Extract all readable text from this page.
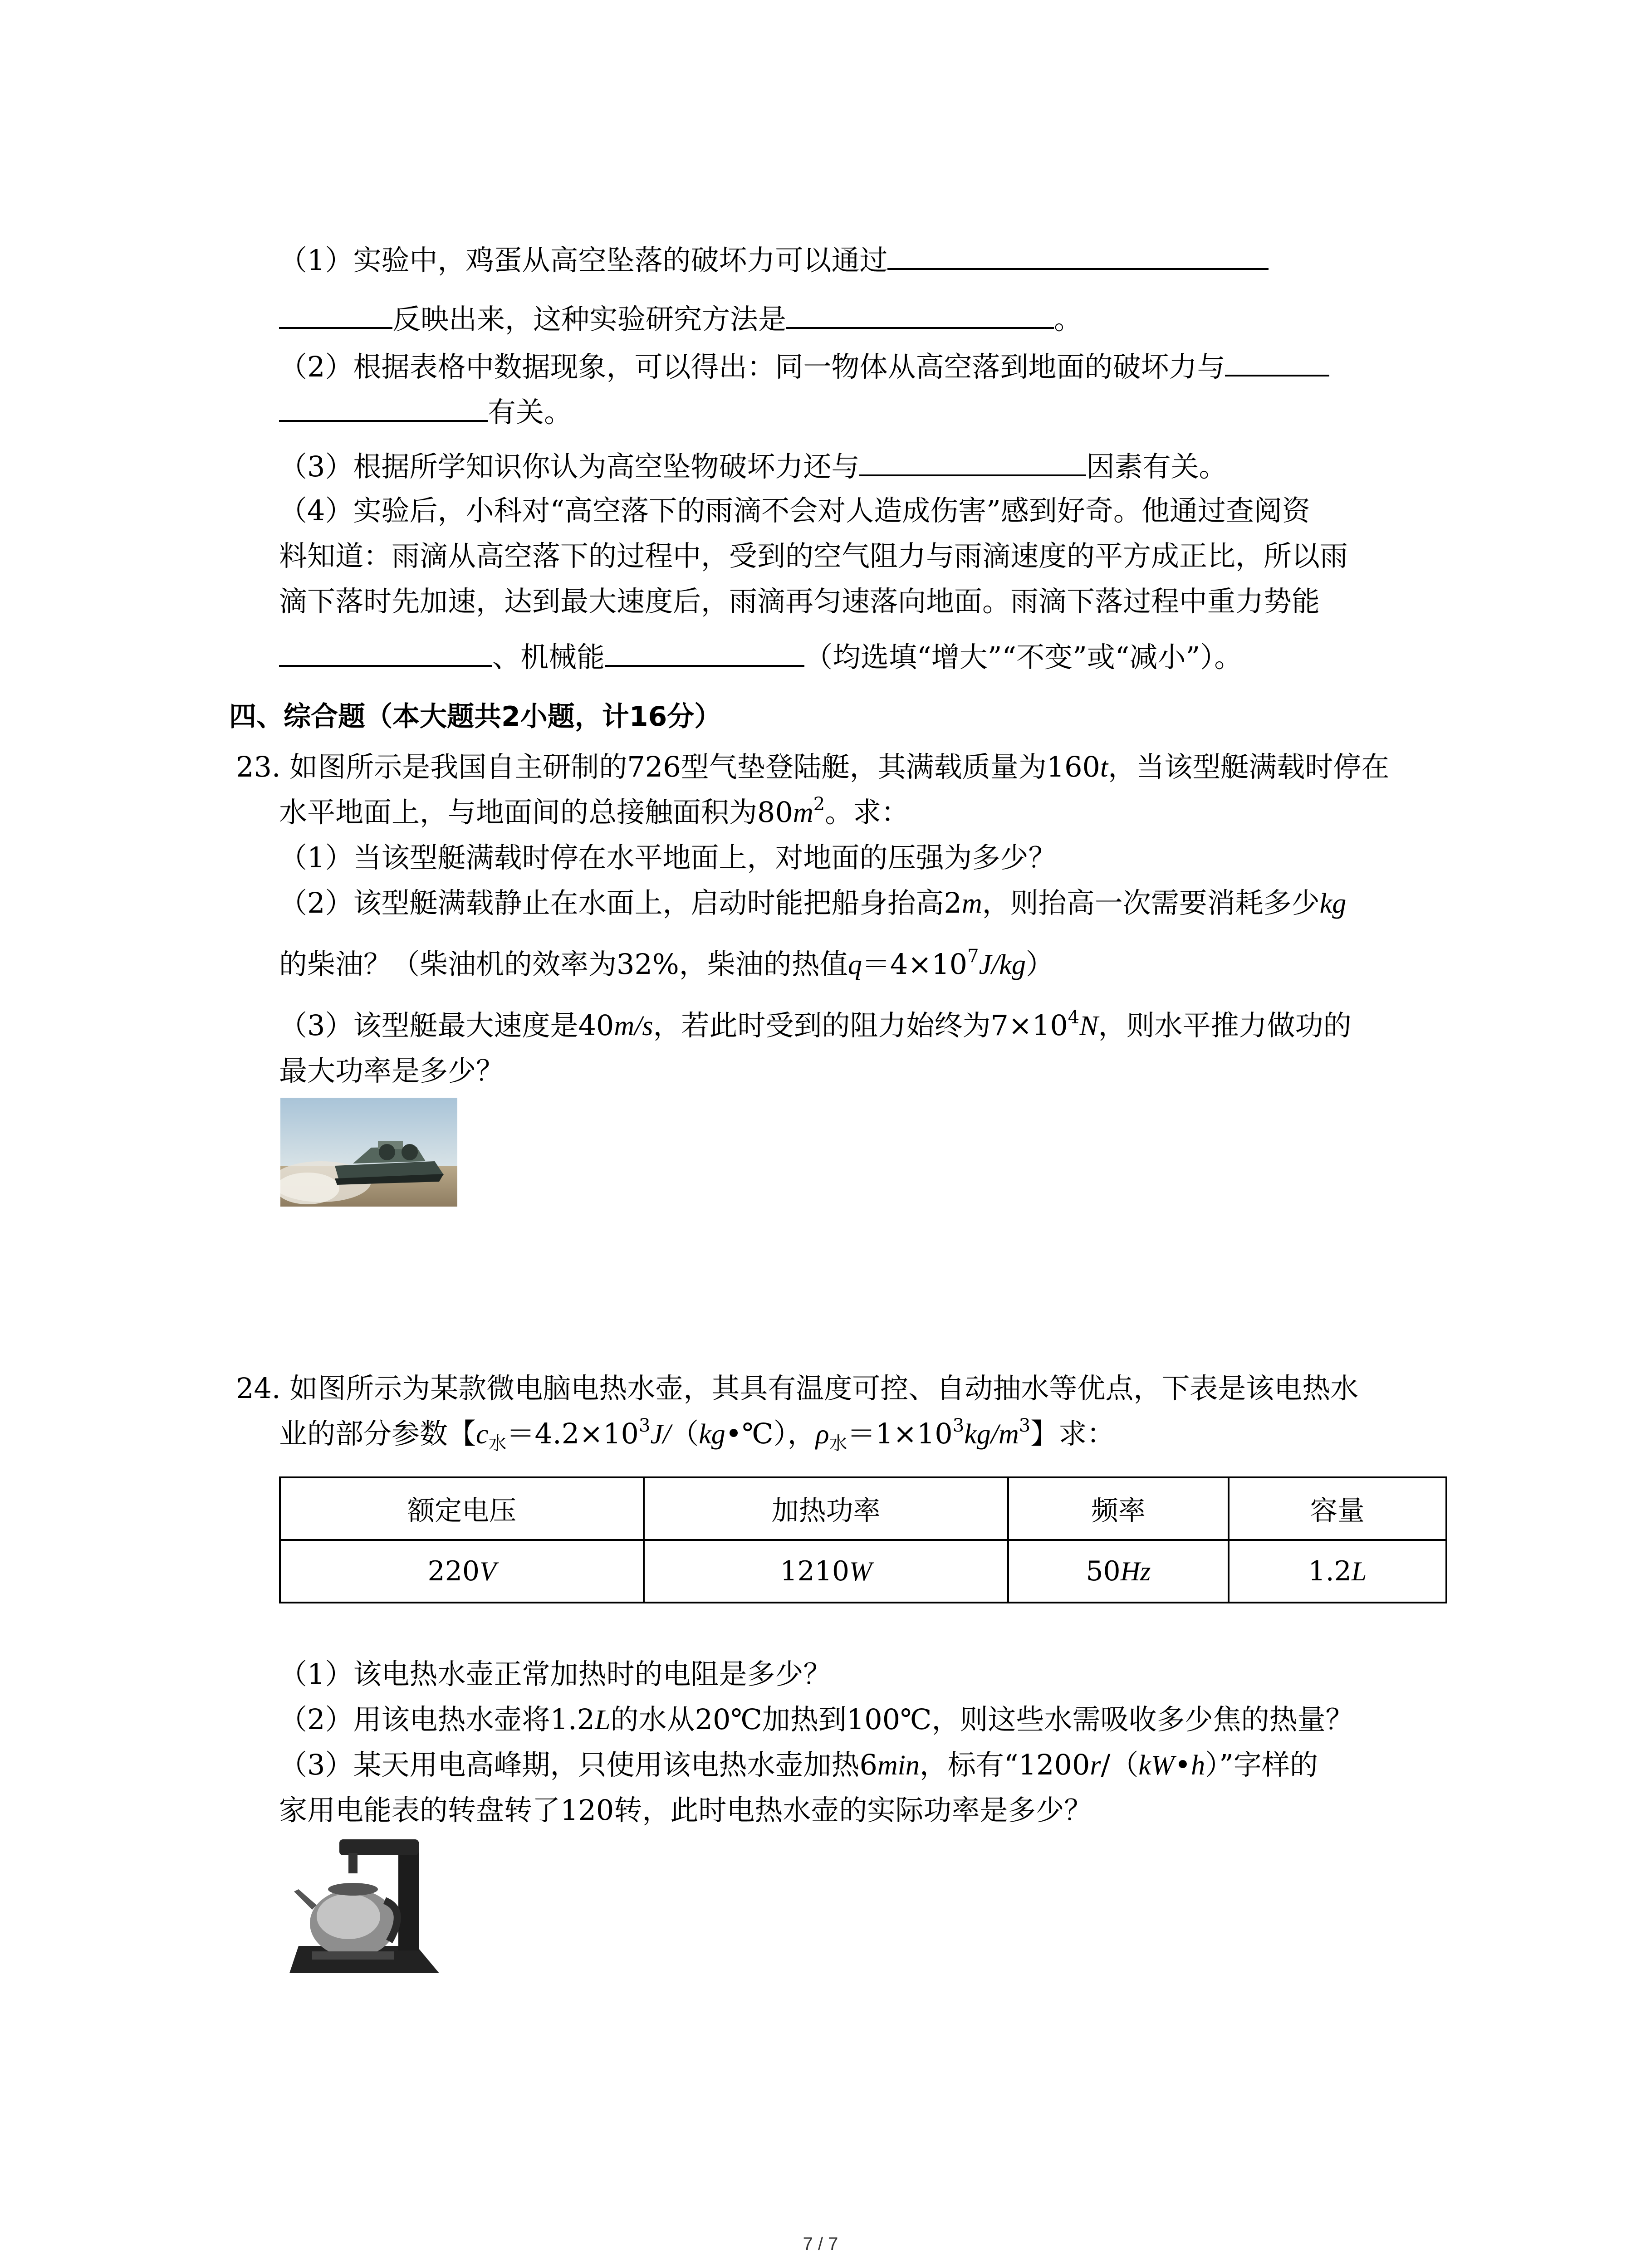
（1）实验中，鸡蛋从高空坠落的破坏力可以通过
反映出来，这种实验研究方法是	。
（2）根据表格中数据现象，可以得出：同一物体从高空落到地面的破坏力与
有关。
（3）根据所学知识你认为高空坠物破坏力还与	因素有关。
（4）实验后，小科对“高空落下的雨滴不会对人造成伤害”感到好奇。他通过查阅资
料知道：雨滴从高空落下的过程中，受到的空气阻力与雨滴速度的平方成正比，所以雨
滴下落时先加速，达到最大速度后，雨滴再匀速落向地面。雨滴下落过程中重力势能
、机械能	（均选填“增大”“不变”或“减小”）。
四、综合题（本大题共2小题，计16分）
23. 如图所示是我国自主研制的726型气垫登陆艇，其满载质量为160t，当该型艇满载时停在
水平地面上，与地面间的总接触面积为$80m^2$。求：
（1）当该型艇满载时停在水平地面上，对地面的压强为多少？
（2）该型艇满载静止在水面上，启动时能把船身抬高2m，则抬高一次需要消耗多少kg
的柴油？（柴油机的效率为32%，柴油的热值$q=4\times 10^7J/kg$）
（3）该型艇最大速度是40m/s，若此时受到的阻力始终为$7\times 10^4N$，则水平推力做功的
最大功率是多少？
24. 如图所示为某款微电脑电热水壶，其具有温度可控、自动抽水等优点，下表是该电热水
业的部分参数【$c_水=4.2\times 10^3J/(kg•℃)$，$\rho_水=1\times 10^3kg/m^3$】求：
额定电压	加热功率	频率	容量
220V	1210W	50Hz	1.2L
（1）该电热水壶正常加热时的电阻是多少？
（2）用该电热水壶将1.2L的水从20℃加热到100℃，则这些水需吸收多少焦的热量？
（3）某天用电高峰期，只使用该电热水壶加热6min，标有“1200r/（kW•h）”字样的
家用电能表的转盘转了120转，此时电热水壶的实际功率是多少？
7 / 7
